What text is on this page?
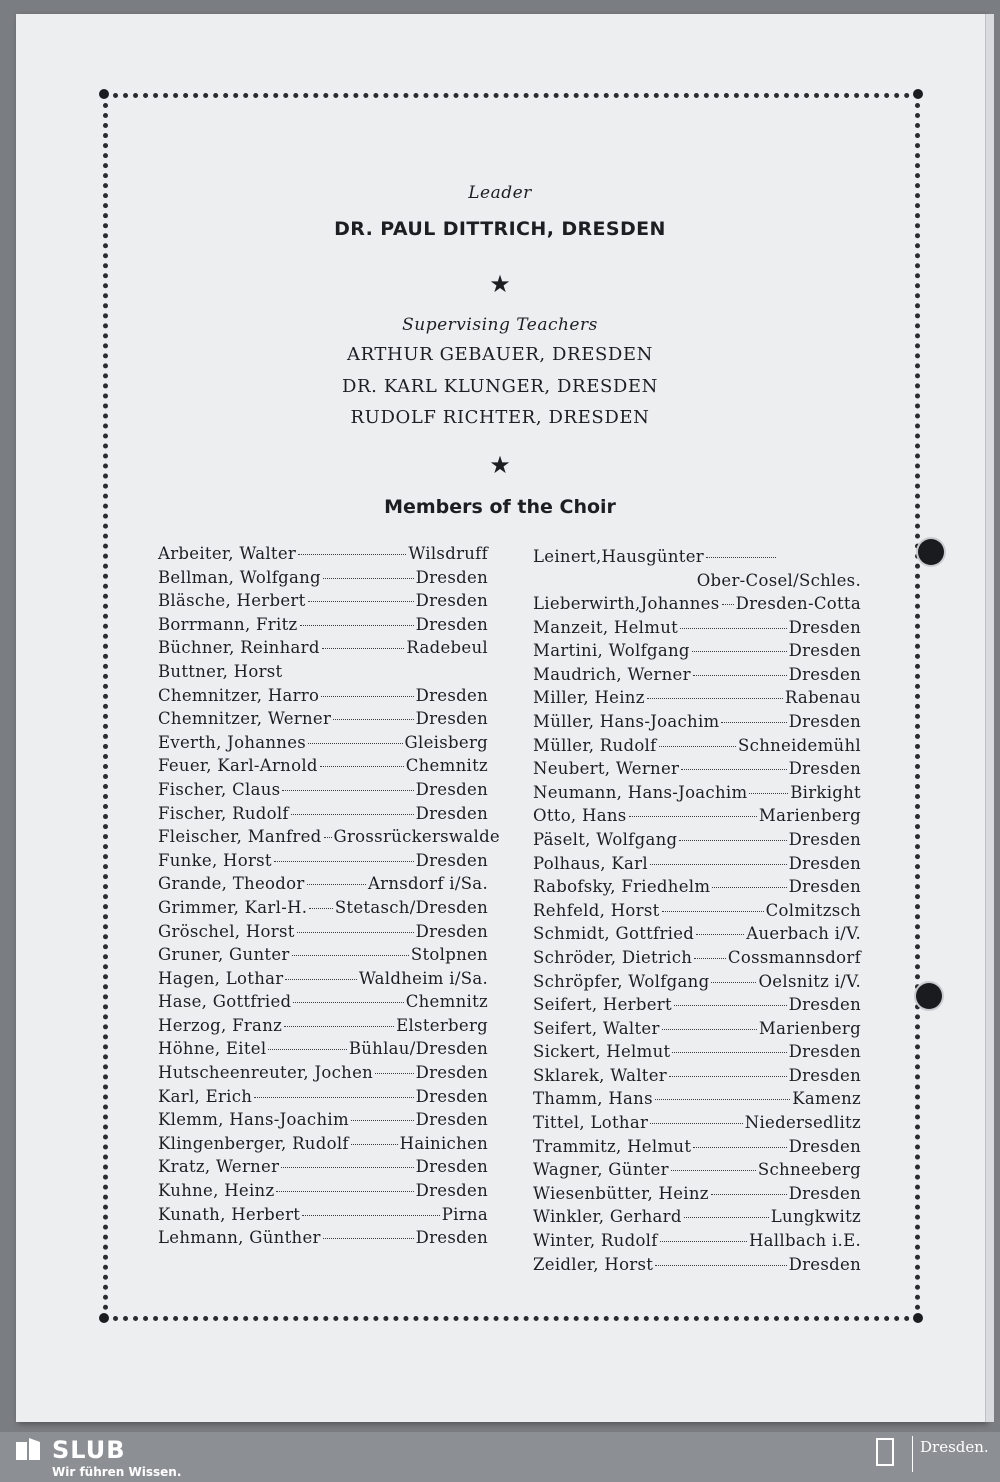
Leader
DR. PAUL DITTRICH, DRESDEN
★
Supervising Teachers
ARTHUR GEBAUER, DRESDEN
DR. KARL KLUNGER, DRESDEN
RUDOLF RICHTER, DRESDEN
★
Members of the Choir
Arbeiter, Walter	Wilsdruff
Bellman, Wolfgang	Dresden
Bläsche, Herbert	Dresden
Borrmann, Fritz	Dresden
Büchner, Reinhard	Radebeul
Buttner, Horst
Chemnitzer, Harro	Dresden
Chemnitzer, Werner	Dresden
Everth, Johannes	Gleisberg
Feuer, Karl-Arnold	Chemnitz
Fischer, Claus	Dresden
Fischer, Rudolf	Dresden
Fleischer, Manfred Grossrückerswalde
Funke, Horst	Dresden
Grande, Theodor	Arnsdorf i/Sa.
Grimmer, Karl-H. Stetasch/Dresden
Gröschel, Horst	Dresden
Gruner, Gunter	Stolpnen
Hagen, Lothar	Waldheim i/Sa.
Hase, Gottfried	Chemnitz
Herzog, Franz	Elsterberg
Höhne, Eitel	Bühlau/Dresden
Hutscheenreuter, Jochen	Dresden
Karl, Erich	Dresden
Klemm, Hans-Joachim	Dresden
Klingenberger, Rudolf	Hainichen
Kratz, Werner	Dresden
Kuhne, Heinz	Dresden
Kunath, Herbert	Pirna
Lehmann, Günther	Dresden
Leinert,Hausgünter
Ober-Cosel/Schles.
Lieberwirth,Johannes Dresden-Cotta
Manzeit, Helmut	Dresden
Martini, Wolfgang	Dresden
Maudrich, Werner	Dresden
Miller, Heinz	Rabenau
Müller, Hans-Joachim	Dresden
Müller, Rudolf	Schneidemühl
Neubert, Werner	Dresden
Neumann, Hans-Joachim	Birkight
Otto, Hans	Marienberg
Päselt, Wolfgang	Dresden
Polhaus, Karl	Dresden
Rabofsky, Friedhelm	Dresden
Rehfeld, Horst	Colmitzsch
Schmidt, Gottfried	Auerbach i/V.
Schröder, Dietrich Cossmannsdorf
Schröpfer, Wolfgang	Oelsnitz i/V.
Seifert, Herbert	Dresden
Seifert, Walter	Marienberg
Sickert, Helmut	Dresden
Sklarek, Walter	Dresden
Thamm, Hans	Kamenz
Tittel, Lothar	Niedersedlitz
Trammitz, Helmut	Dresden
Wagner, Günter	Schneeberg
Wiesenbütter, Heinz	Dresden
Winkler, Gerhard	Lungkwitz
Winter, Rudolf	Hallbach i.E.
Zeidler, Horst	Dresden
SLUB
Wir führen Wissen.
Dresden.
